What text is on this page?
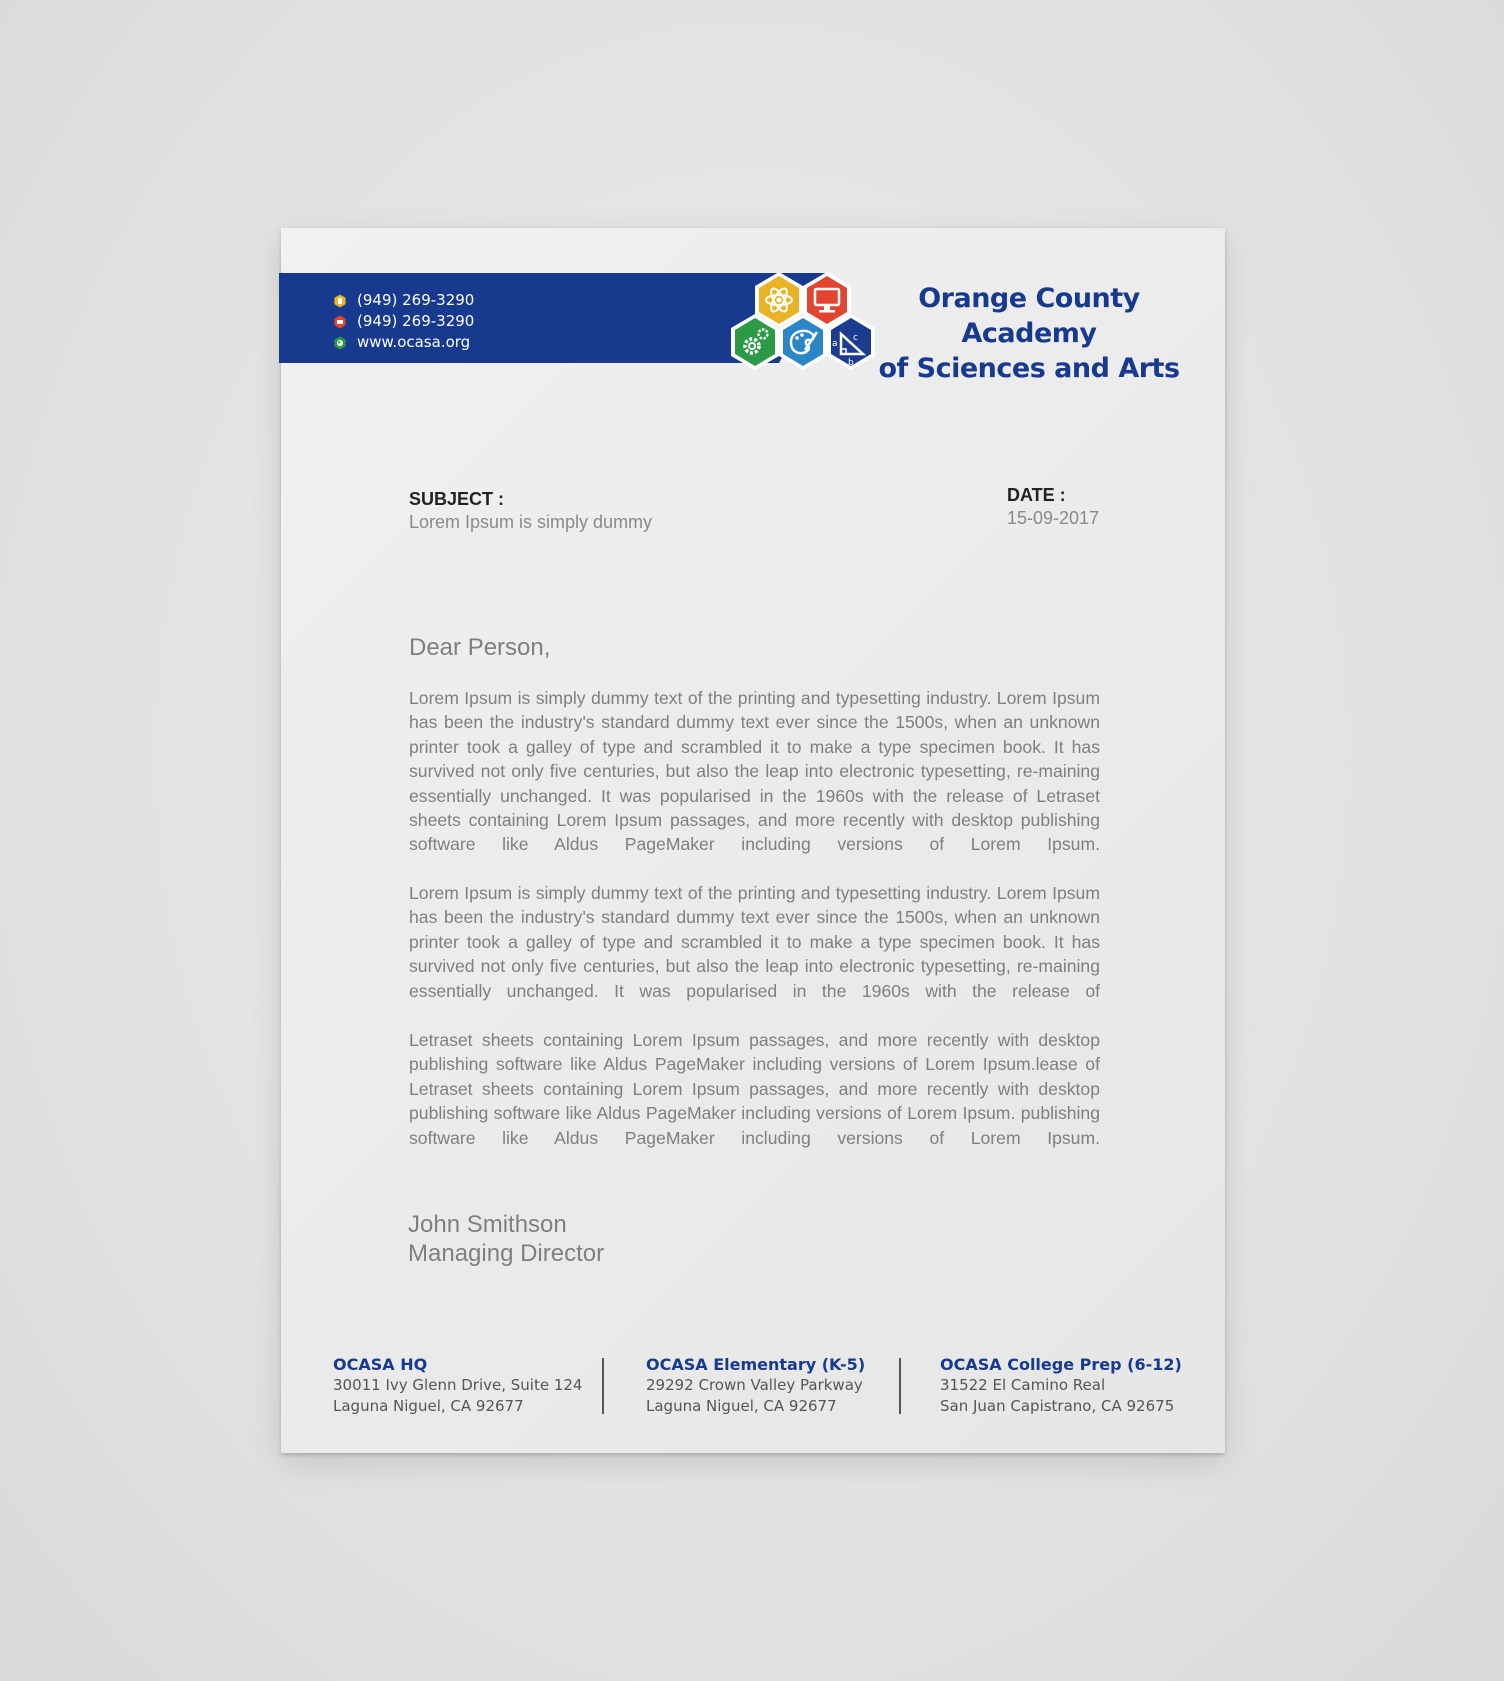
(949) 269-3290
(949) 269-3290
www.ocasa.org	a
c
b
Orange County Academy
of Sciences and Arts
SUBJECT :
Lorem Ipsum is simply dummy
DATE :
15-09-2017
Dear Person,

Lorem Ipsum is simply dummy text of the printing and typesetting industry. Lorem Ipsum has been the industry's standard dummy text ever since the 1500s, when an unknown printer took a galley of type and scrambled it to make a type specimen book. It has survived not only five centuries, but also the leap into electronic typesetting, re-maining essentially unchanged. It was popularised in the 1960s with the release of Letraset sheets containing Lorem Ipsum passages, and more recently with desktop publishing software like Aldus PageMaker including versions of Lorem Ipsum.

Lorem Ipsum is simply dummy text of the printing and typesetting industry. Lorem Ipsum has been the industry's standard dummy text ever since the 1500s, when an unknown printer took a galley of type and scrambled it to make a type specimen book. It has survived not only five centuries, but also the leap into electronic typesetting, re-maining essentially unchanged. It was popularised in the 1960s with the release of

Letraset sheets containing Lorem Ipsum passages, and more recently with desktop publishing software like Aldus PageMaker including versions of Lorem Ipsum.lease of Letraset sheets containing Lorem Ipsum passages, and more recently with desktop publishing software like Aldus PageMaker including versions of Lorem Ipsum. publishing software like Aldus PageMaker including versions of Lorem Ipsum.

John Smithson
Managing Director
OCASA HQ
30011 Ivy Glenn Drive, Suite 124
Laguna Niguel, CA 92677
OCASA Elementary (K-5)
29292 Crown Valley Parkway
Laguna Niguel, CA 92677
OCASA College Prep (6-12)
31522 El Camino Real
San Juan Capistrano, CA 92675
